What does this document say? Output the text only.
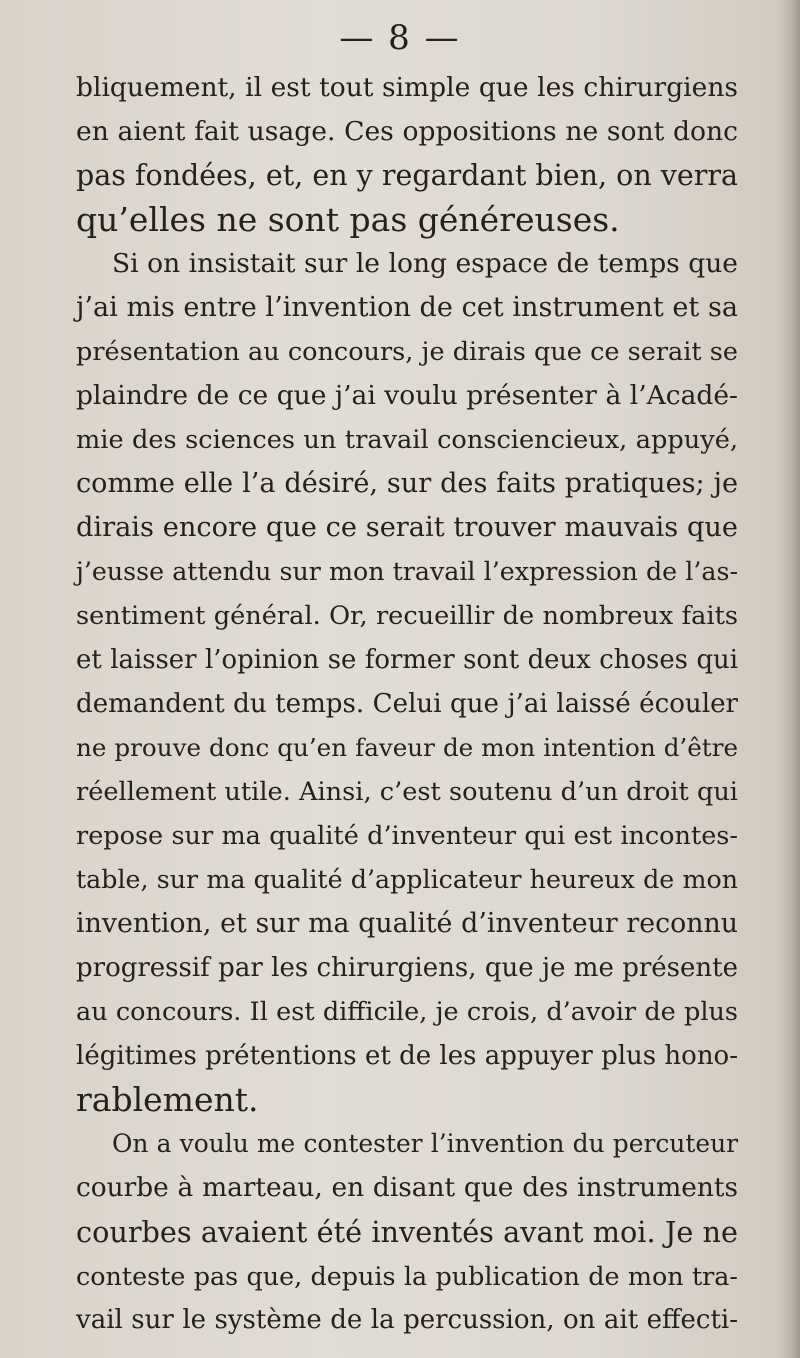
— 8 —
bliquement, il est tout simple que les chirurgiens
en aient fait usage. Ces oppositions ne sont donc
pas fondées, et, en y regardant bien, on verra
qu’elles ne sont pas généreuses.
Si on insistait sur le long espace de temps que
j’ai mis entre l’invention de cet instrument et sa
présentation au concours, je dirais que ce serait se
plaindre de ce que j’ai voulu présenter à l’Acadé-
mie des sciences un travail consciencieux, appuyé,
comme elle l’a désiré, sur des faits pratiques; je
dirais encore que ce serait trouver mauvais que
j’eusse attendu sur mon travail l’expression de l’as-
sentiment général. Or, recueillir de nombreux faits
et laisser l’opinion se former sont deux choses qui
demandent du temps. Celui que j’ai laissé écouler
ne prouve donc qu’en faveur de mon intention d’être
réellement utile. Ainsi, c’est soutenu d’un droit qui
repose sur ma qualité d’inventeur qui est incontes-
table, sur ma qualité d’applicateur heureux de mon
invention, et sur ma qualité d’inventeur reconnu
progressif par les chirurgiens, que je me présente
au concours. Il est difficile, je crois, d’avoir de plus
légitimes prétentions et de les appuyer plus hono-
rablement.
On a voulu me contester l’invention du percuteur
courbe à marteau, en disant que des instruments
courbes avaient été inventés avant moi. Je ne
conteste pas que, depuis la publication de mon tra-
vail sur le système de la percussion, on ait effecti-
